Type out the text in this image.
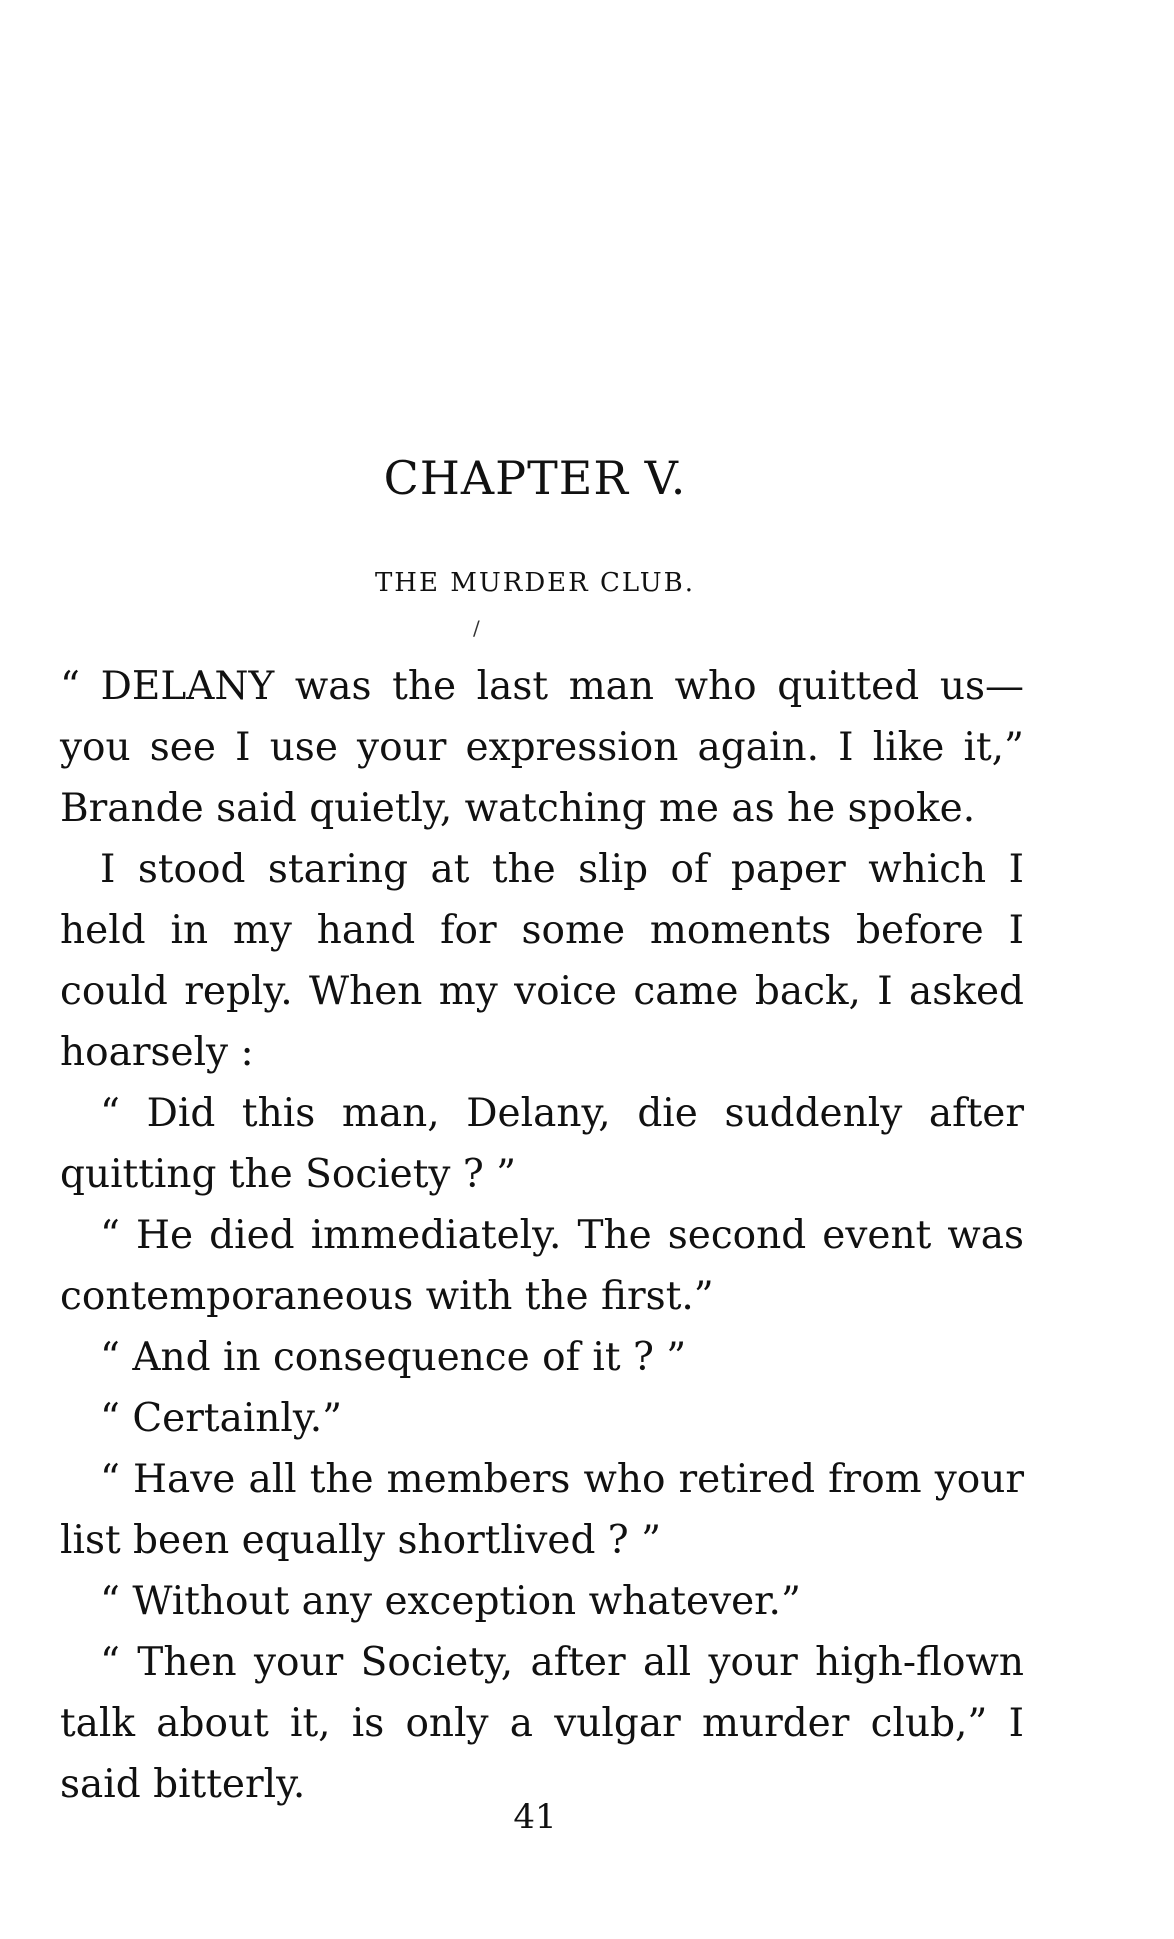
CHAPTER V.
THE MURDER CLUB.
/

“ DELANY was the last man who quitted us—you see I use your expression again. I like it,” Brande said quietly, watching me as he spoke.

I stood staring at the slip of paper which I held in my hand for some moments before I could reply. When my voice came back, I asked hoarsely :

“ Did this man, Delany, die suddenly after quitting the Society ? ”

“ He died immediately. The second event was contemporaneous with the first.”

“ And in consequence of it ? ”

“ Certainly.”

“ Have all the members who retired from your list been equally shortlived ? ”

“ Without any exception whatever.”

“ Then your Society, after all your high-flown talk about it, is only a vulgar murder club,” I said bitterly.

41
